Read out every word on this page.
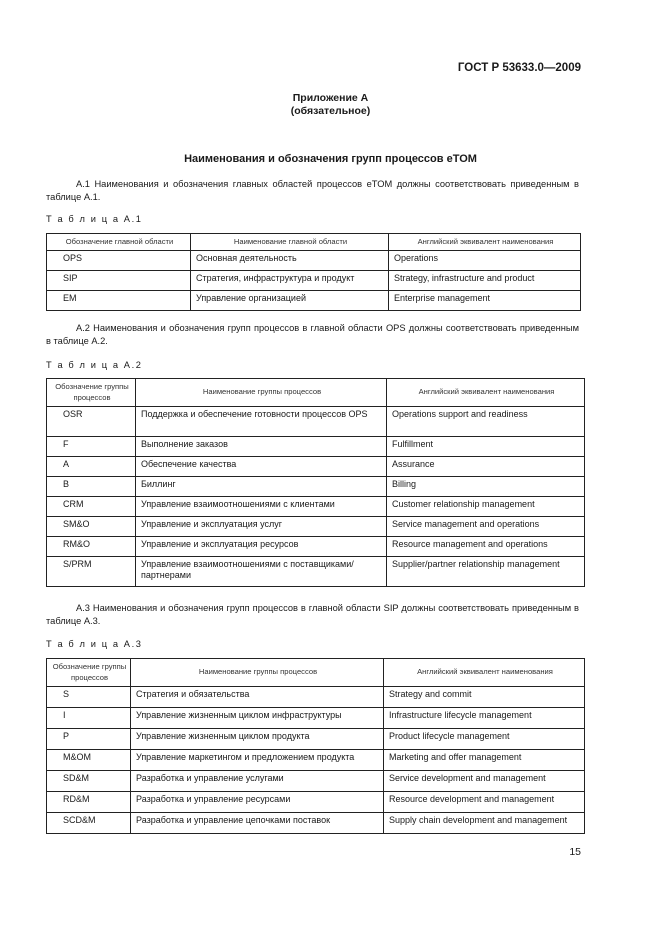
ГОСТ Р 53633.0—2009
Приложение А
(обязательное)
Наименования и обозначения групп процессов eTOM
А.1 Наименования и обозначения главных областей процессов eTOM должны соответствовать приведенным в таблице А.1.
Т а б л и ц а А.1
Обозначение главной области	Наименование главной области	Английский эквивалент наименования
OPS	Основная деятельность	Operations
SIP	Стратегия, инфраструктура и продукт	Strategy, infrastructure and product
EM	Управление организацией	Enterprise management
А.2 Наименования и обозначения групп процессов в главной области OPS должны соответствовать приведенным в таблице А.2.
Т а б л и ц а А.2
Обозначение группы процессов	Наименование группы процессов	Английский эквивалент наименования
OSR	Поддержка и обеспечение готовности процессов OPS	Operations support and readiness
F	Выполнение заказов	Fulfillment
A	Обеспечение качества	Assurance
B	Биллинг	Billing
CRM	Управление взаимоотношениями с клиентами	Customer relationship management
SM&O	Управление и эксплуатация услуг	Service management and operations
RM&O	Управление и эксплуатация ресурсов	Resource management and operations
S/PRM	Управление взаимоотношениями с поставщиками/партнерами	Supplier/partner relationship management
А.3 Наименования и обозначения групп процессов в главной области SIP должны соответствовать приведенным в таблице А.3.
Т а б л и ц а А.3
Обозначение группы процессов	Наименование группы процессов	Английский эквивалент наименования
S	Стратегия и обязательства	Strategy and commit
I	Управление жизненным циклом инфраструктуры	Infrastructure lifecycle management
P	Управление жизненным циклом продукта	Product lifecycle management
M&OM	Управление маркетингом и предложением продукта	Marketing and offer management
SD&M	Разработка и управление услугами	Service development and management
RD&M	Разработка и управление ресурсами	Resource development and management
SCD&M	Разработка и управление цепочками поставок	Supply chain development and management
15
